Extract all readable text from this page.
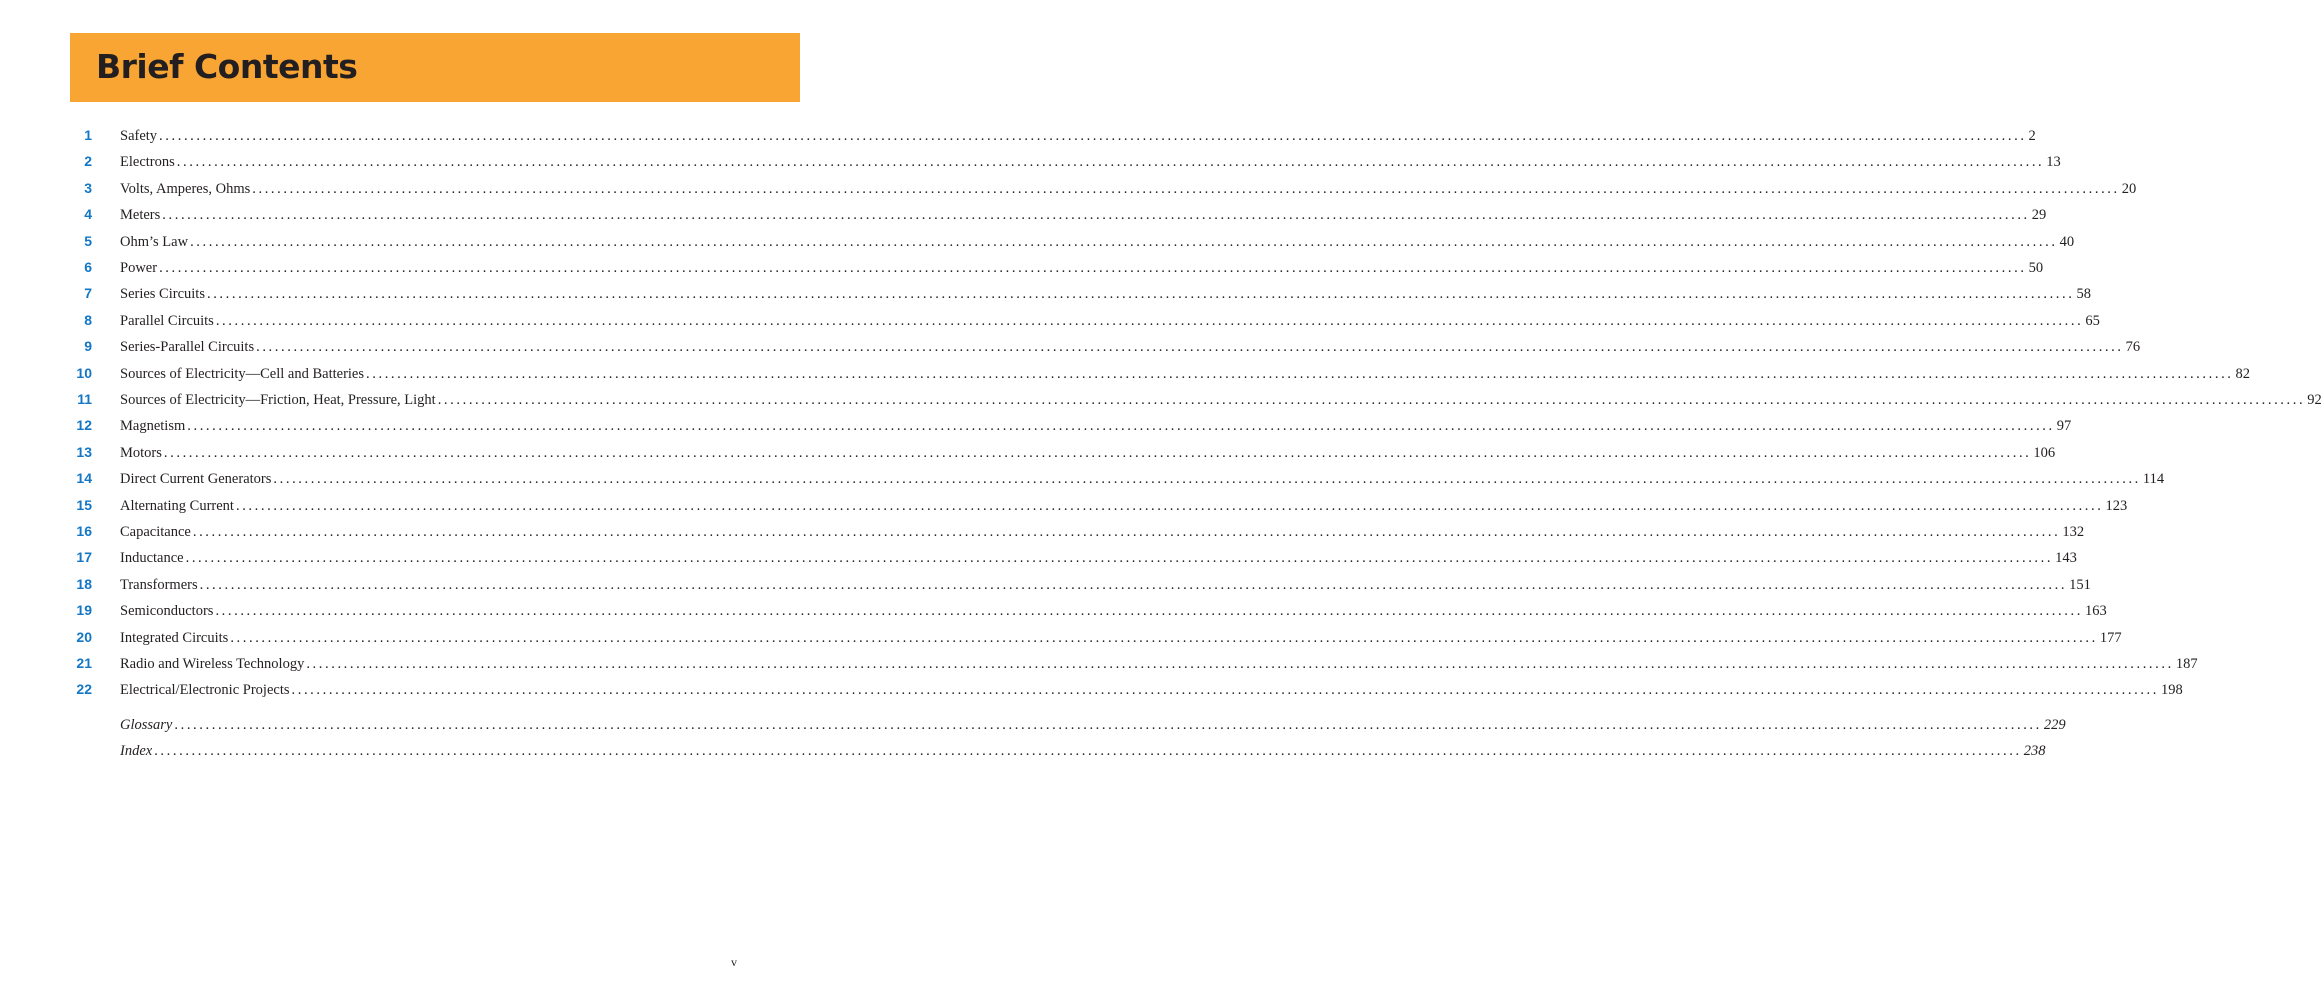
Brief Contents
1 Safety ............................................................................................................................................................................................................................................................................................................ 2
2 Electrons ............................................................................................................................................................................................................................................................................................................ 13
3 Volts, Amperes, Ohms ............................................................................................................................................................................................................................................................................................................ 20
4 Meters ............................................................................................................................................................................................................................................................................................................ 29
5 Ohm’s Law ............................................................................................................................................................................................................................................................................................................ 40
6 Power ............................................................................................................................................................................................................................................................................................................ 50
7 Series Circuits ............................................................................................................................................................................................................................................................................................................ 58
8 Parallel Circuits ............................................................................................................................................................................................................................................................................................................ 65
9 Series-Parallel Circuits ............................................................................................................................................................................................................................................................................................................ 76
10 Sources of Electricity—Cell and Batteries ............................................................................................................................................................................................................................................................................................................ 82
11 Sources of Electricity—Friction, Heat, Pressure, Light ............................................................................................................................................................................................................................................................................................................ 92
12 Magnetism ............................................................................................................................................................................................................................................................................................................ 97
13 Motors ............................................................................................................................................................................................................................................................................................................ 106
14 Direct Current Generators ............................................................................................................................................................................................................................................................................................................ 114
15 Alternating Current ............................................................................................................................................................................................................................................................................................................ 123
16 Capacitance ............................................................................................................................................................................................................................................................................................................ 132
17 Inductance ............................................................................................................................................................................................................................................................................................................ 143
18 Transformers ............................................................................................................................................................................................................................................................................................................ 151
19 Semiconductors ............................................................................................................................................................................................................................................................................................................ 163
20 Integrated Circuits ............................................................................................................................................................................................................................................................................................................ 177
21 Radio and Wireless Technology ............................................................................................................................................................................................................................................................................................................ 187
22 Electrical/Electronic Projects ............................................................................................................................................................................................................................................................................................................ 198
Glossary ............................................................................................................................................................................................................................................................................................................ 229
Index ............................................................................................................................................................................................................................................................................................................ 238
v
